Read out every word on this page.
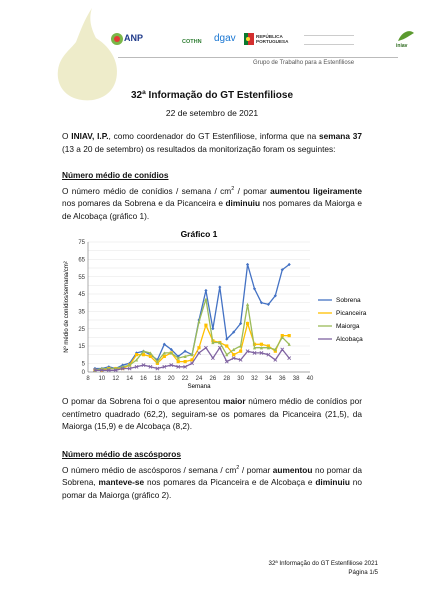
ANP	COTHN dgav	REPÚBLICA PORTUGUESA
iniav
Grupo de Trabalho para a Estenfiliose
32ª Informação do GT Estenfiliose
22 de setembro de 2021
O INIAV, I.P., como coordenador do GT Estenfiliose, informa que na semana 37 (13 a 20 de setembro) os resultados da monitorização foram os seguintes:
Número médio de conídios
O número médio de conídios / semana / $cm^2$ / pomar aumentou ligeiramente nos pomares da Sobrena e da Picanceira e diminuiu nos pomares da Maiorga e de Alcobaça (gráfico 1).
Gráfico 1
0
5
15
25
35
45
55
65
75
8 10 12 14 16 18 20 22 24 26 28 30 32 34 36 38 40
Semana
Nº médio de conídios/semana/cm²	Sobrena
Picanceira
Maiorga
Alcobaça
O pomar da Sobrena foi o que apresentou maior número médio de conídios por centímetro quadrado (62,2), seguiram-se os pomares da Picanceira (21,5), da Maiorga (15,9) e de Alcobaça (8,2).
Número médio de ascósporos
O número médio de ascósporos / semana / $cm^2$ / pomar aumentou no pomar da Sobrena, manteve-se nos pomares da Picanceira e de Alcobaça e diminuiu no pomar da Maiorga (gráfico 2).
32ª Informação do GT Estenfiliose 2021
Página 1/5
